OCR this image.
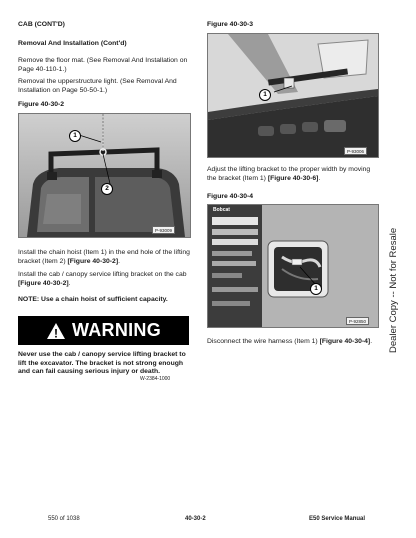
CAB (CONT'D)
Removal And Installation (Cont'd)
Remove the floor mat. (See Removal And Installation on Page 40-110-1.)
Removal the upperstructure light. (See Removal And Installation on Page 50-50-1.)
Figure 40-30-2
1
2
P-93009
Install the chain hoist (Item 1) in the end hole of the lifting bracket (Item 2) [Figure 40-30-2].
Install the cab / canopy service lifting bracket on the cab [Figure 40-30-2].
NOTE: Use a chain hoist of sufficient capacity.
! WARNING
Never use the cab / canopy service lifting bracket to lift the excavator. The bracket is not strong enough and can fail causing serious injury or death.
W-2384-1000
Figure 40-30-3
1
P-93006
Adjust the lifting bracket to the proper width by moving the bracket (Item 1) [Figure 40-30-6].
Figure 40-30-4
Bobcat
1
P-92850
Disconnect the wire harness (Item 1) [Figure 40-30-4].	Dealer Copy -- Not for Resale
550 of 1038	40-30-2	E50 Service Manual
